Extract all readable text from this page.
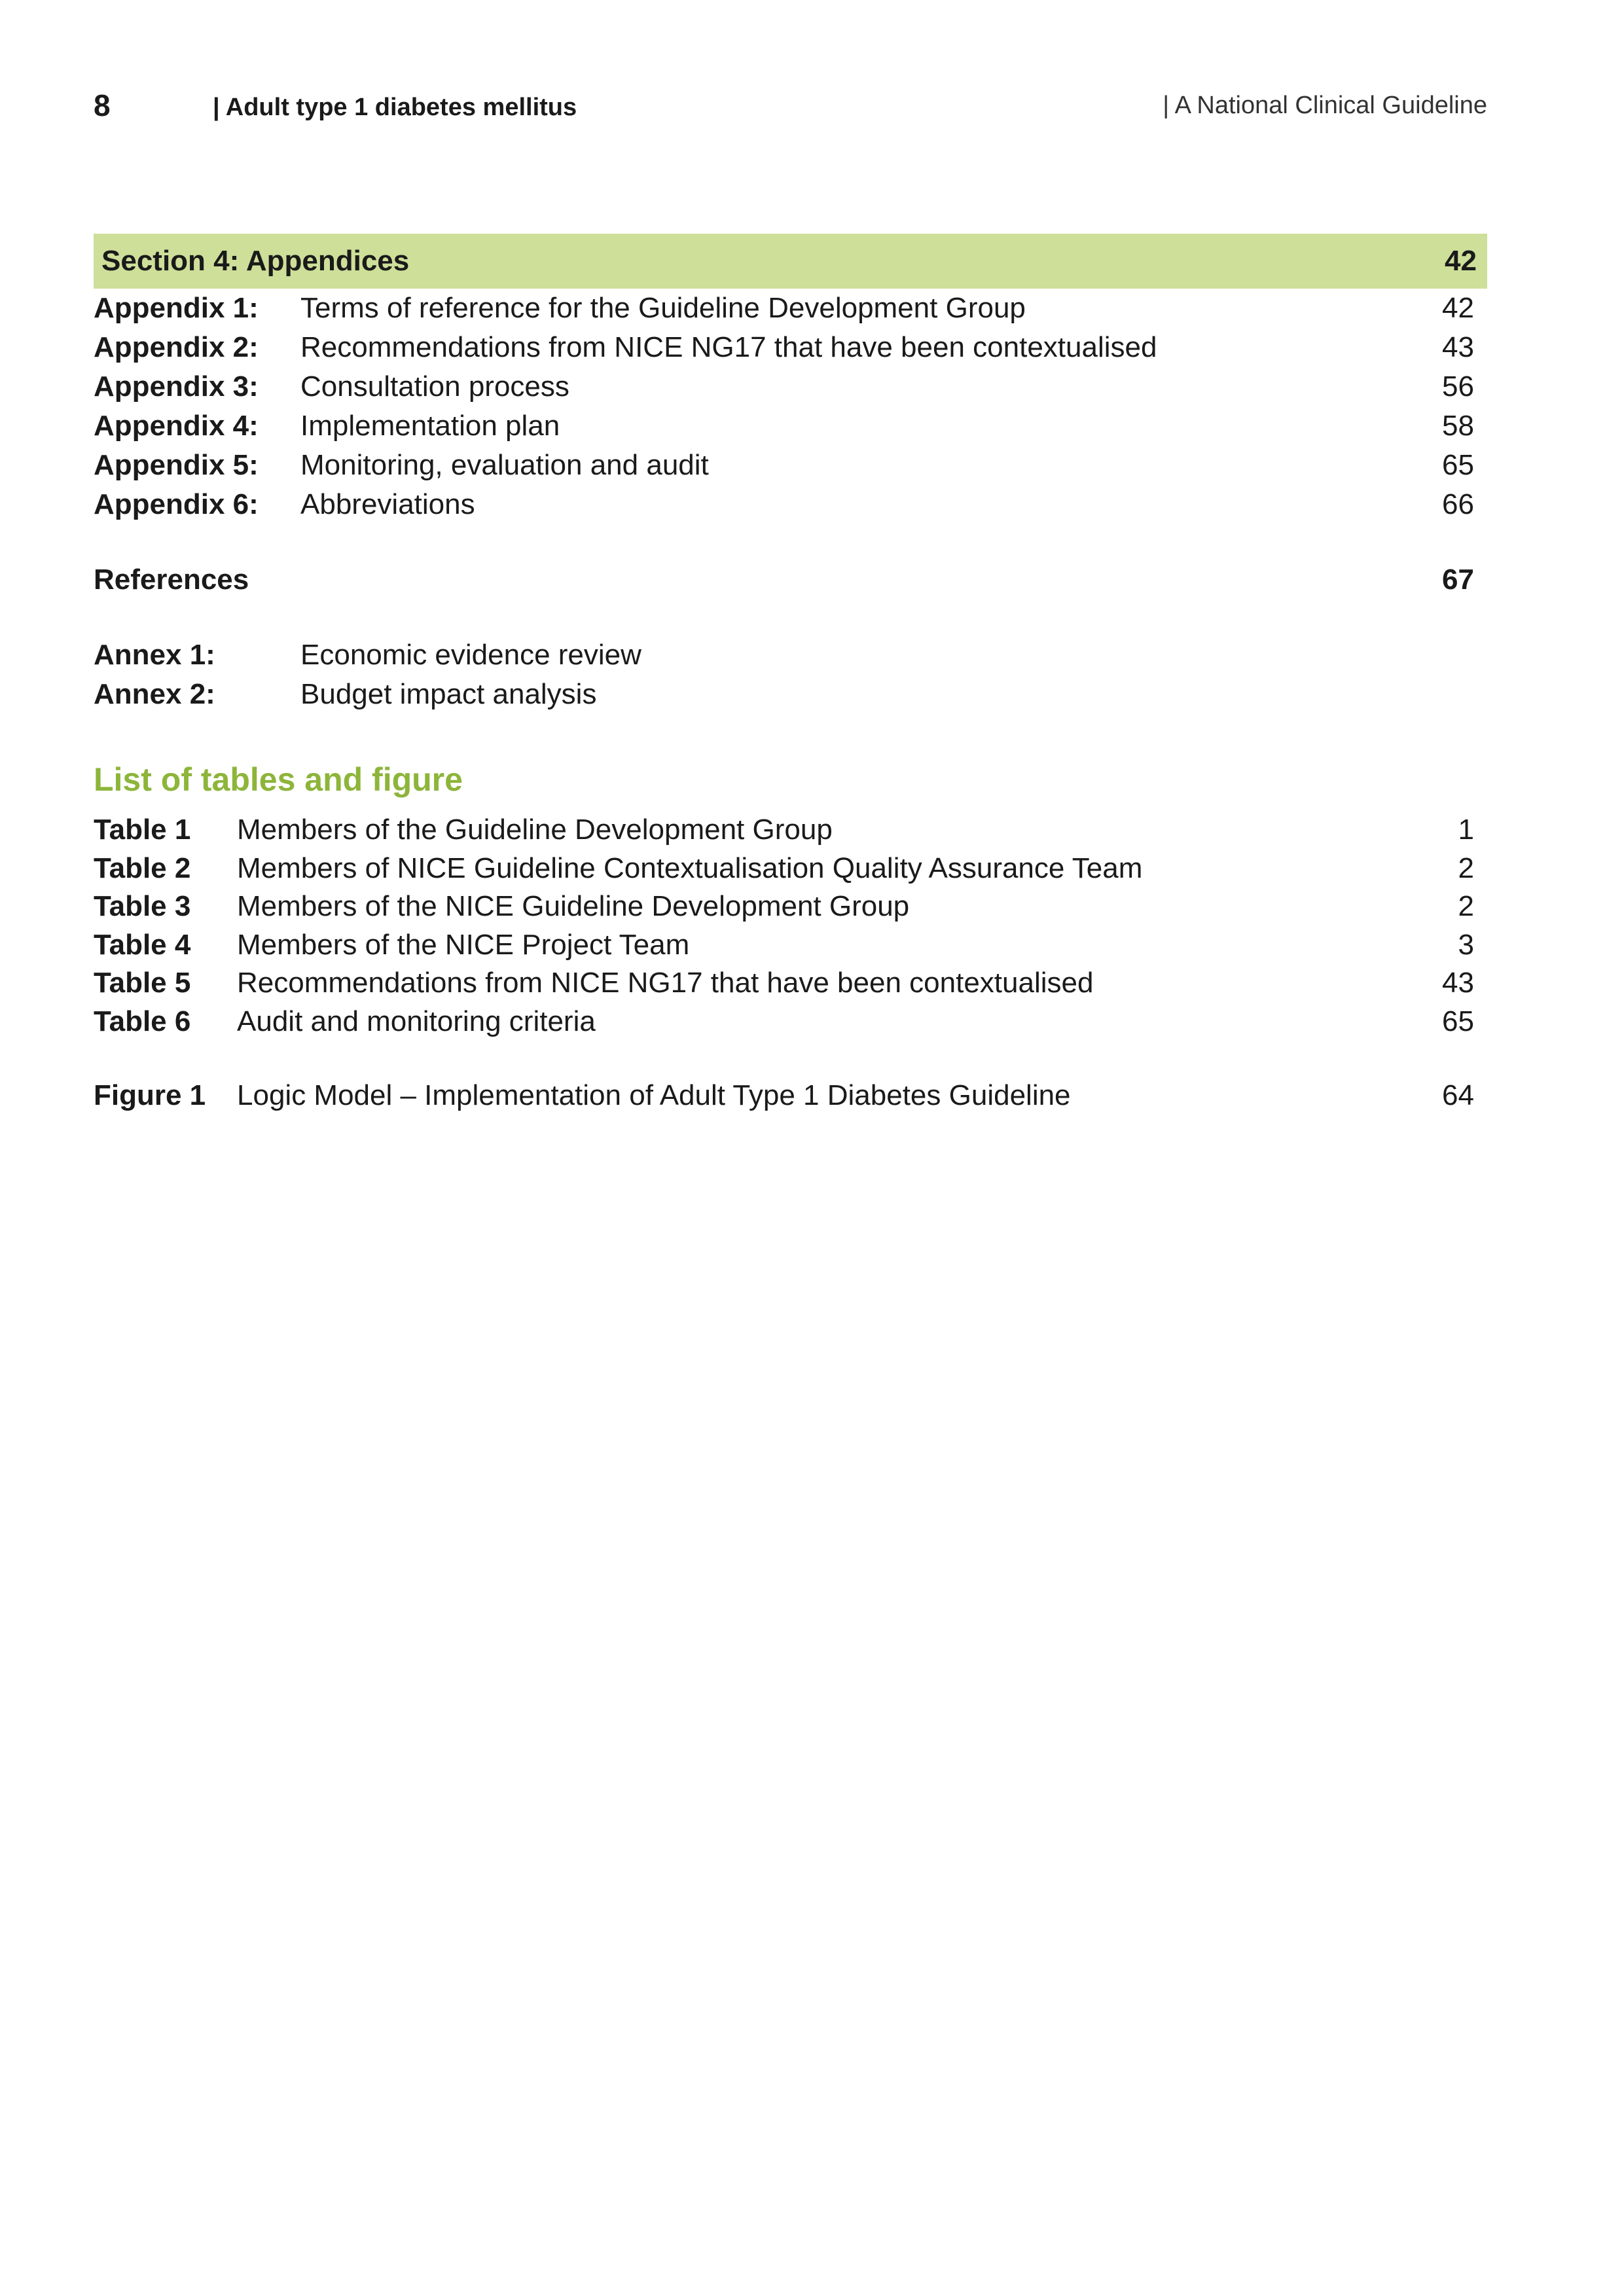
8	| Adult type 1 diabetes mellitus	| A National Clinical Guideline
Section 4: Appendices	42
Appendix 1:	Terms of reference for the Guideline Development Group	42
Appendix 2:	Recommendations from NICE NG17 that have been contextualised	43
Appendix 3:	Consultation process	56
Appendix 4:	Implementation plan	58
Appendix 5:	Monitoring, evaluation and audit	65
Appendix 6:	Abbreviations	66
References	67
Annex 1:	Economic evidence review
Annex 2:	Budget impact analysis
List of tables and figure
Table 1	Members of the Guideline Development Group	1
Table 2	Members of NICE Guideline Contextualisation Quality Assurance Team	2
Table 3	Members of the NICE Guideline Development Group	2
Table 4	Members of the NICE Project Team	3
Table 5	Recommendations from NICE NG17 that have been contextualised	43
Table 6	Audit and monitoring criteria	65
Figure 1	Logic Model – Implementation of Adult Type 1 Diabetes Guideline	64
